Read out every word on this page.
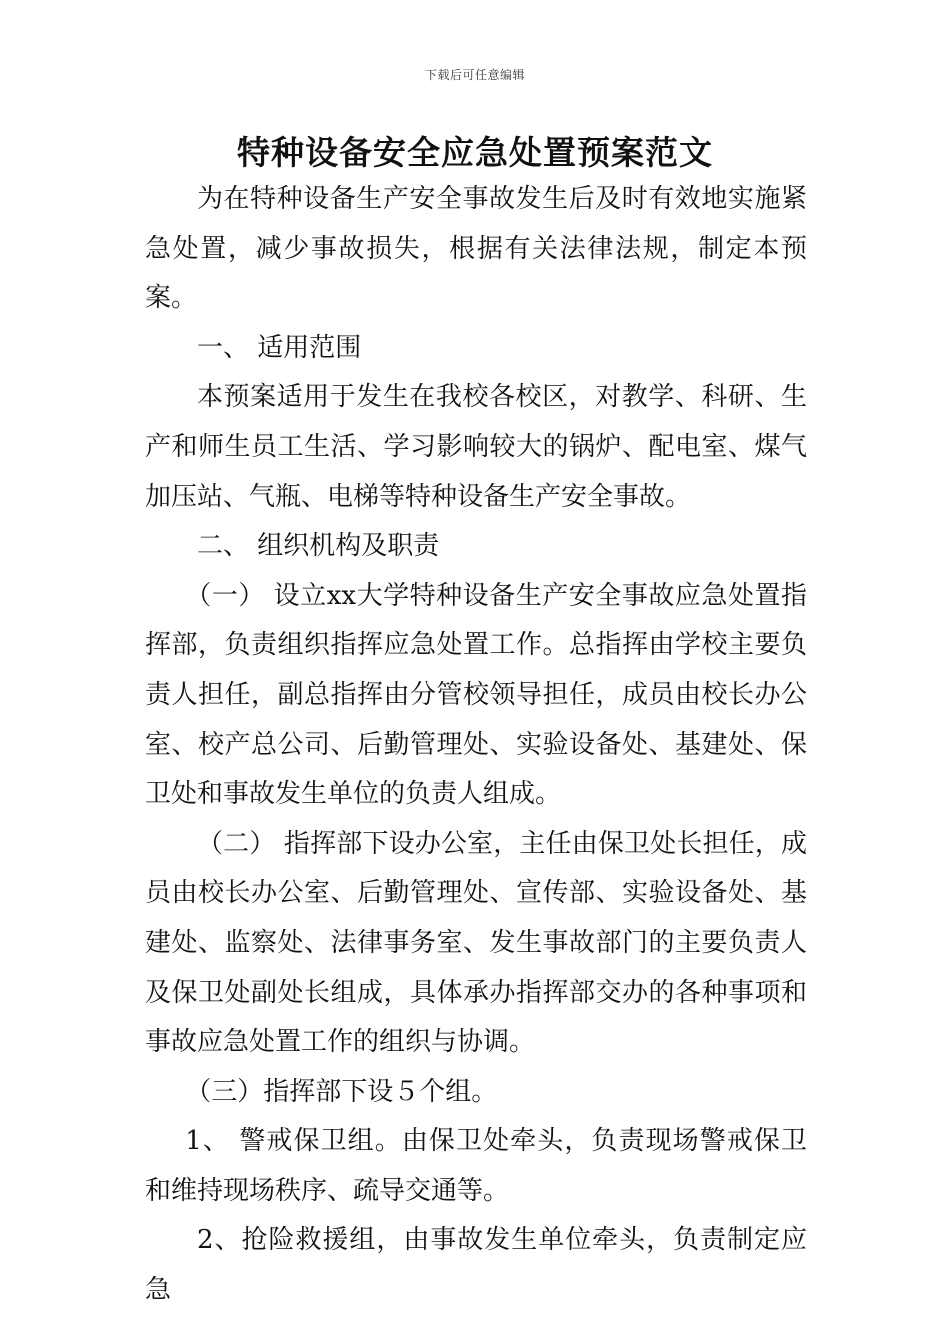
下载后可任意编辑
特种设备安全应急处置预案范文

为在特种设备生产安全事故发生后及时有效地实施紧急处置，减少事故损失，根据有关法律法规，制定本预案。

一、 适用范围

本预案适用于发生在我校各校区，对教学、科研、生产和师生员工生活、学习影响较大的锅炉、配电室、煤气加压站、气瓶、电梯等特种设备生产安全事故。

二、 组织机构及职责

（一） 设立xx大学特种设备生产安全事故应急处置指挥部，负责组织指挥应急处置工作。总指挥由学校主要负责人担任，副总指挥由分管校领导担任，成员由校长办公室、校产总公司、后勤管理处、实验设备处、基建处、保卫处和事故发生单位的负责人组成。

（二） 指挥部下设办公室，主任由保卫处长担任，成员由校长办公室、后勤管理处、宣传部、实验设备处、基建处、监察处、法律事务室、发生事故部门的主要负责人及保卫处副处长组成，具体承办指挥部交办的各种事项和事故应急处置工作的组织与协调。

（三）指挥部下设５个组。

1、 警戒保卫组。由保卫处牵头，负责现场警戒保卫和维持现场秩序、疏导交通等。

2、抢险救援组，由事故发生单位牵头，负责制定应急
